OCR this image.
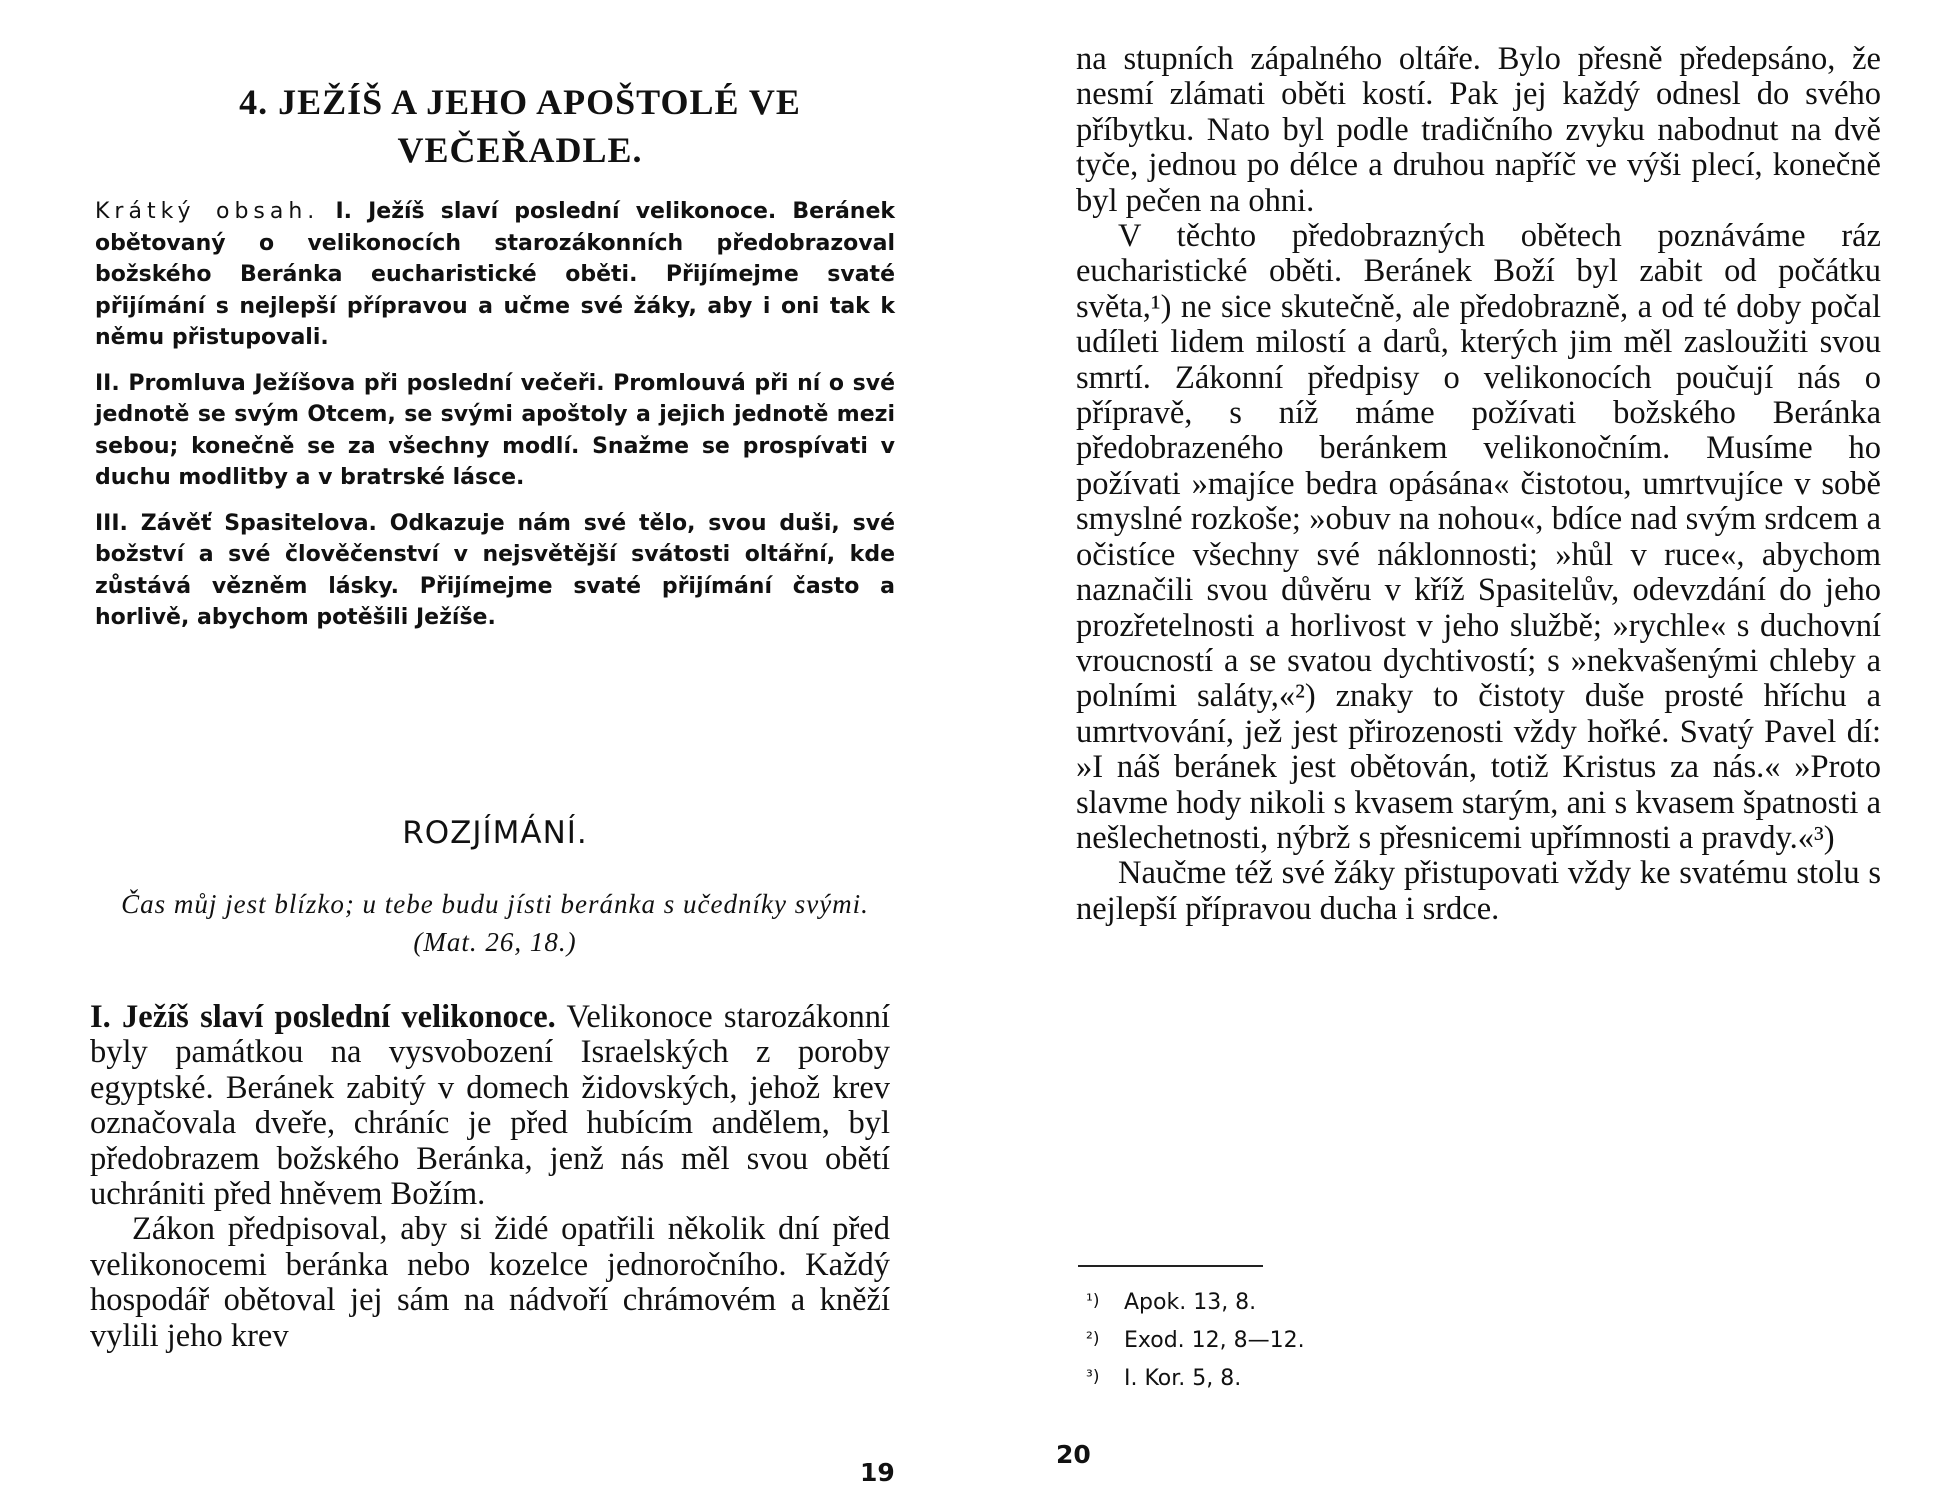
4. JEŽÍŠ A JEHO APOŠTOLÉ VE
VEČEŘADLE.

Krátký obsah. I. Ježíš slaví poslední velikonoce. Beránek obětovaný o velikonocích starozákonních předobrazoval božského Beránka eucharistické oběti. Přijímejme svaté přijímání s nejlepší přípravou a učme své žáky, aby i oni tak k němu přistupovali.

II. Promluva Ježíšova při poslední večeři. Promlouvá při ní o své jednotě se svým Otcem, se svými apoštoly a jejich jednotě mezi sebou; konečně se za všechny modlí. Snažme se prospívati v duchu modlitby a v bratrské lásce.

III. Závěť Spasitelova. Odkazuje nám své tělo, svou duši, své božství a své člověčenství v nejsvětější svátosti oltářní, kde zůstává vězněm lásky. Přijímejme svaté přijímání často a horlivě, abychom potěšili Ježíše.

ROZJÍMÁNÍ.
Čas můj jest blízko; u tebe budu jísti beránka s učedníky svými. (Mat. 26, 18.)

I. Ježíš slaví poslední velikonoce. Velikonoce starozákonní byly památkou na vysvobození Israelských z poroby egyptské. Beránek zabitý v domech židovských, jehož krev označovala dveře, chráníc je před hubícím andělem, byl předobrazem božského Beránka, jenž nás měl svou obětí uchrániti před hněvem Božím.

Zákon předpisoval, aby si židé opatřili několik dní před velikonocemi beránka nebo kozelce jednoročního. Každý hospodář obětoval jej sám na nádvoří chrámovém a kněží vylili jeho krev

19

na stupních zápalného oltáře. Bylo přesně předepsáno, že nesmí zlámati oběti kostí. Pak jej každý odnesl do svého příbytku. Nato byl podle tradičního zvyku nabodnut na dvě tyče, jednou po délce a druhou napříč ve výši plecí, konečně byl pečen na ohni.

V těchto předobrazných obětech poznáváme ráz eucharistické oběti. Beránek Boží byl zabit od počátku světa,¹) ne sice skutečně, ale předobrazně, a od té doby počal udíleti lidem milostí a darů, kterých jim měl zasloužiti svou smrtí. Zákonní předpisy o velikonocích poučují nás o přípravě, s níž máme požívati božského Beránka předobrazeného beránkem velikonočním. Musíme ho požívati »majíce bedra opásána« čistotou, umrtvujíce v sobě smyslné rozkoše; »obuv na nohou«, bdíce nad svým srdcem a očistíce všechny své náklonnosti; »hůl v ruce«, abychom naznačili svou důvěru v kříž Spasitelův, odevzdání do jeho prozřetelnosti a horlivost v jeho službě; »rychle« s duchovní vroucností a se svatou dychtivostí; s »nekvašenými chleby a polními saláty,«²) znaky to čistoty duše prosté hříchu a umrtvování, jež jest přirozenosti vždy hořké. Svatý Pavel dí: »I náš beránek jest obětován, totiž Kristus za nás.« »Proto slavme hody nikoli s kvasem starým, ani s kvasem špatnosti a nešlechetnosti, nýbrž s přesnicemi upřímnosti a pravdy.«³)

Naučme též své žáky přistupovati vždy ke svatému stolu s nejlepší přípravou ducha i srdce.

¹) Apok. 13, 8.
²) Exod. 12, 8—12.
³) I. Kor. 5, 8.
20
